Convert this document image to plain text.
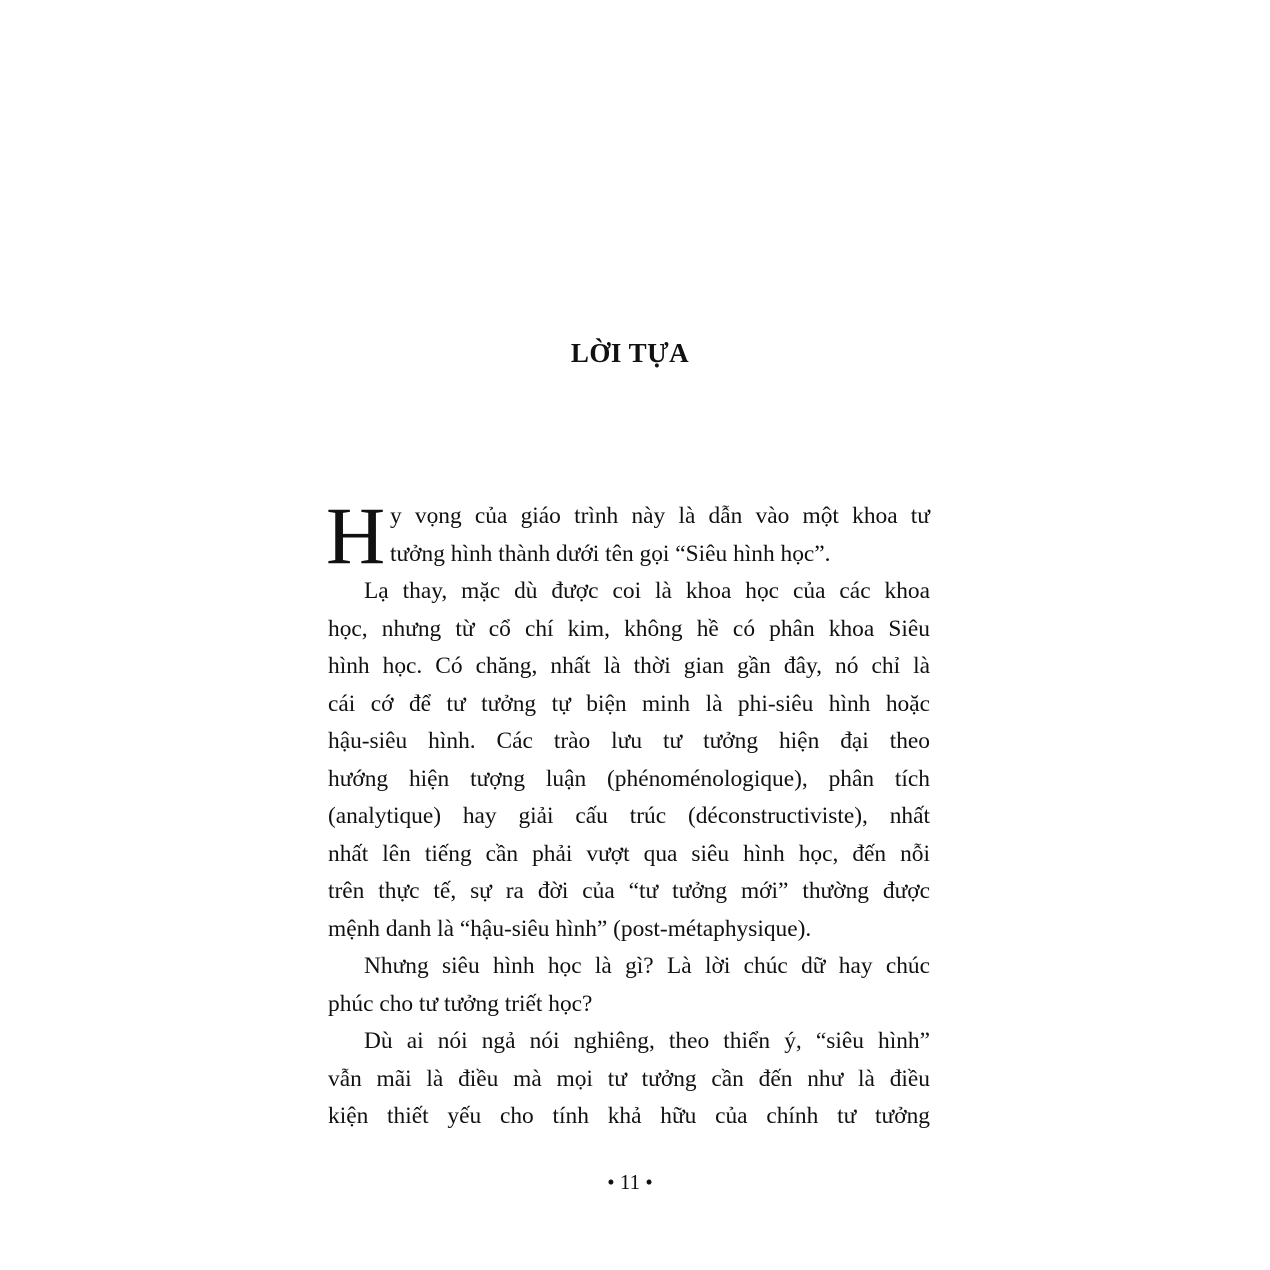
LỜI TỰA
H y vọng của giáo trình này là dẫn vào một khoa tư
tưởng hình thành dưới tên gọi “Siêu hình học”.
Lạ thay, mặc dù được coi là khoa học của các khoa
học, nhưng từ cổ chí kim, không hề có phân khoa Siêu
hình học. Có chăng, nhất là thời gian gần đây, nó chỉ là
cái cớ để tư tưởng tự biện minh là phi-siêu hình hoặc
hậu-siêu hình. Các trào lưu tư tưởng hiện đại theo
hướng hiện tượng luận (phénoménologique), phân tích
(analytique) hay giải cấu trúc (déconstructiviste), nhất
nhất lên tiếng cần phải vượt qua siêu hình học, đến nỗi
trên thực tế, sự ra đời của “tư tưởng mới” thường được
mệnh danh là “hậu-siêu hình” (post-métaphysique).
Nhưng siêu hình học là gì? Là lời chúc dữ hay chúc
phúc cho tư tưởng triết học?
Dù ai nói ngả nói nghiêng, theo thiển ý, “siêu hình”
vẫn mãi là điều mà mọi tư tưởng cần đến như là điều
kiện thiết yếu cho tính khả hữu của chính tư tưởng
• 11 •
